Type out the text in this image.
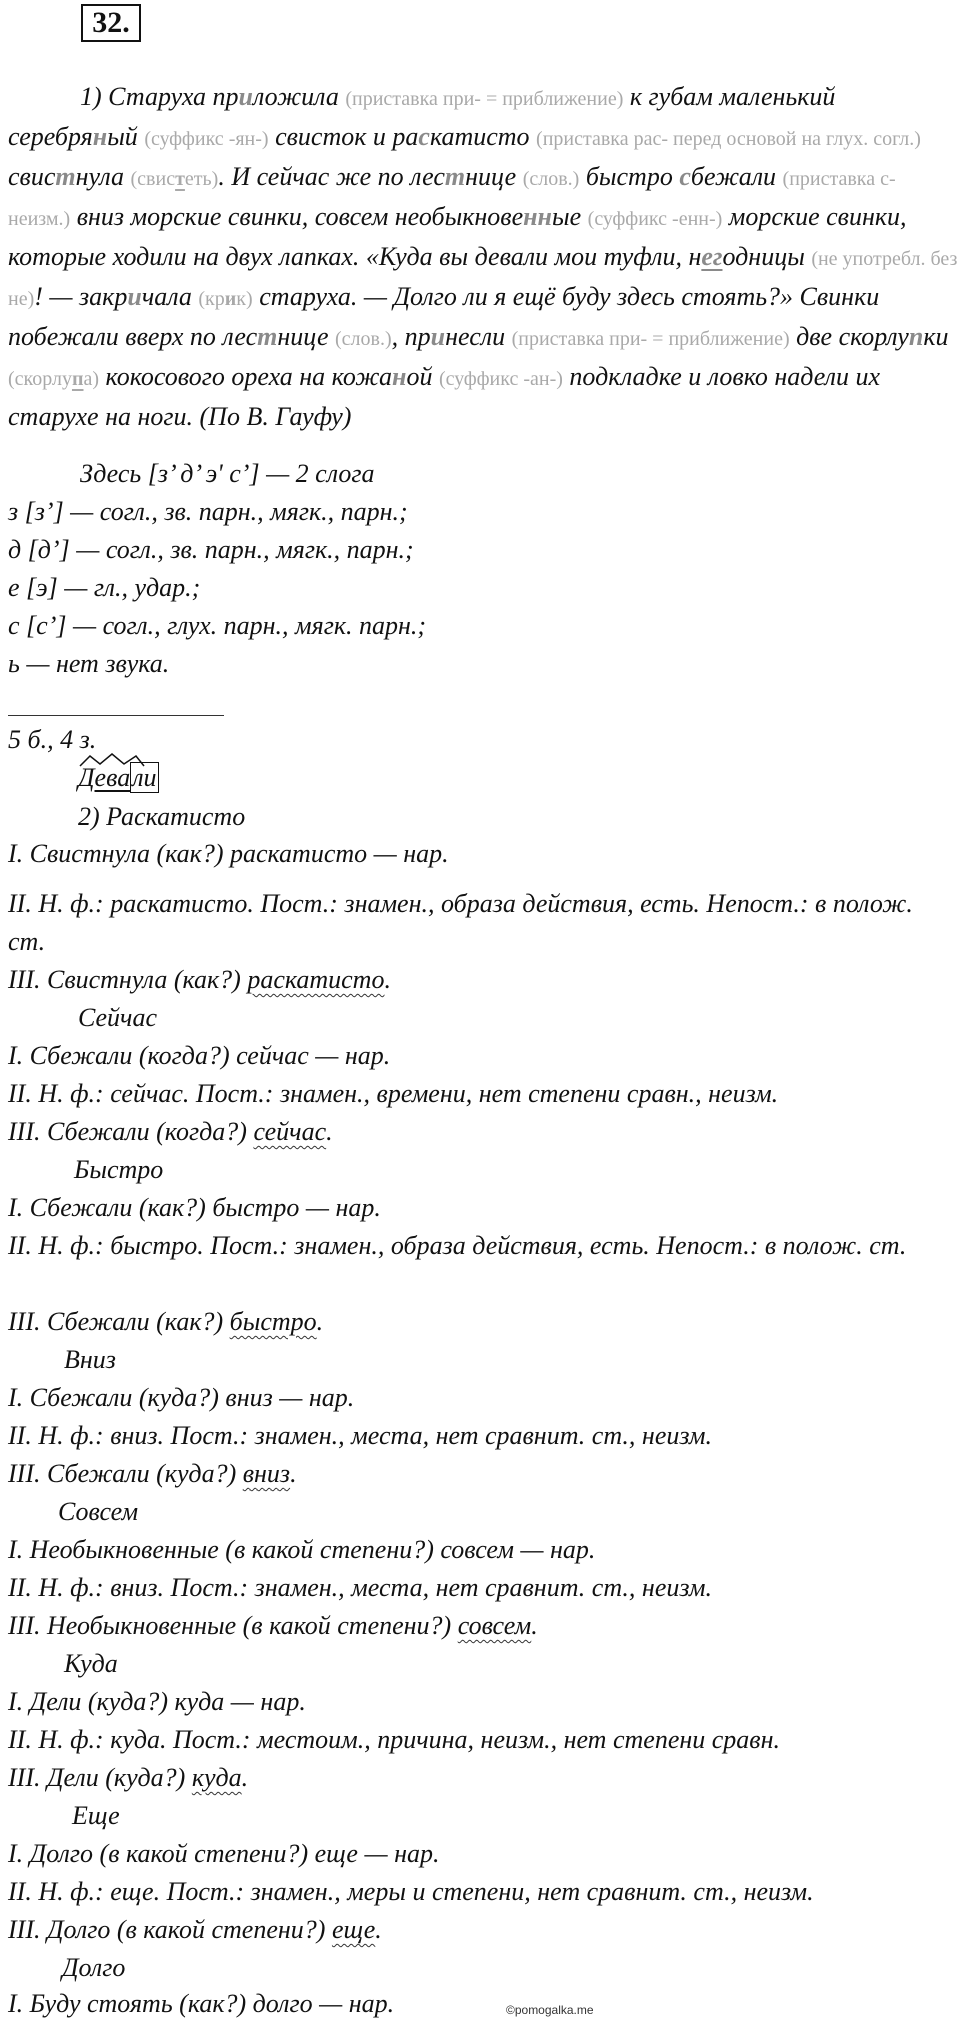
32.
1) Старуха приложила (приставка при- = приближение) к губам маленький серебряный (суффикс -ян-) свисток и раскатисто (приставка рас- перед основой на глух. согл.) свистнула (свистеть). И сейчас же по лестнице (слов.) быстро сбежали (приставка с- неизм.) вниз морские свинки, совсем необыкновенные (суффикс -енн-) морские свинки, которые ходили на двух лапках. «Куда вы девали мои туфли, негодницы (не употребл. без не)! — закричала (крик) старуха. — Долго ли я ещё буду здесь стоять?» Свинки побежали вверх по лестнице (слов.), принесли (приставка при- = приближение) две скорлупки (скорлупа) кокосового ореха на кожаной (суффикс -ан-) подкладке и ловко надели их старухе на ноги. (По В. Гауфу)
Здесь [з’ д’ э' с’] — 2 слога
з [з’] — согл., зв. парн., мягк., парн.;
д [д’] — согл., зв. парн., мягк., парн.;
е [э] — гл., удар.;
с [с’] — согл., глух. парн., мягк. парн.;
ь — нет звука.
5 б., 4 з.
Девали
2) Раскатисто
I. Свистнула (как?) раскатисто — нар.
II. Н. ф.: раскатисто. Пост.: знамен., образа действия, есть. Непост.: в полож. ст.
III. Свистнула (как?) раскатисто.
Сейчас
I. Сбежали (когда?) сейчас — нар.
II. Н. ф.: сейчас. Пост.: знамен., времени, нет степени сравн., неизм.
III. Сбежали (когда?) сейчас.
Быстро
I. Сбежали (как?) быстро — нар.
II. Н. ф.: быстро. Пост.: знамен., образа действия, есть. Непост.: в полож. ст.
III. Сбежали (как?) быстро.
Вниз
I. Сбежали (куда?) вниз — нар.
II. Н. ф.: вниз. Пост.: знамен., места, нет сравнит. ст., неизм.
III. Сбежали (куда?) вниз.
Совсем
I. Необыкновенные (в какой степени?) совсем — нар.
II. Н. ф.: вниз. Пост.: знамен., места, нет сравнит. ст., неизм.
III. Необыкновенные (в какой степени?) совсем.
Куда
I. Дели (куда?) куда — нар.
II. Н. ф.: куда. Пост.: местоим., причина, неизм., нет степени сравн.
III. Дели (куда?) куда.
Еще
I. Долго (в какой степени?) еще — нар.
II. Н. ф.: еще. Пост.: знамен., меры и степени, нет сравнит. ст., неизм.
III. Долго (в какой степени?) еще.
Долго
I. Буду стоять (как?) долго — нар.	©pomogalka.me
